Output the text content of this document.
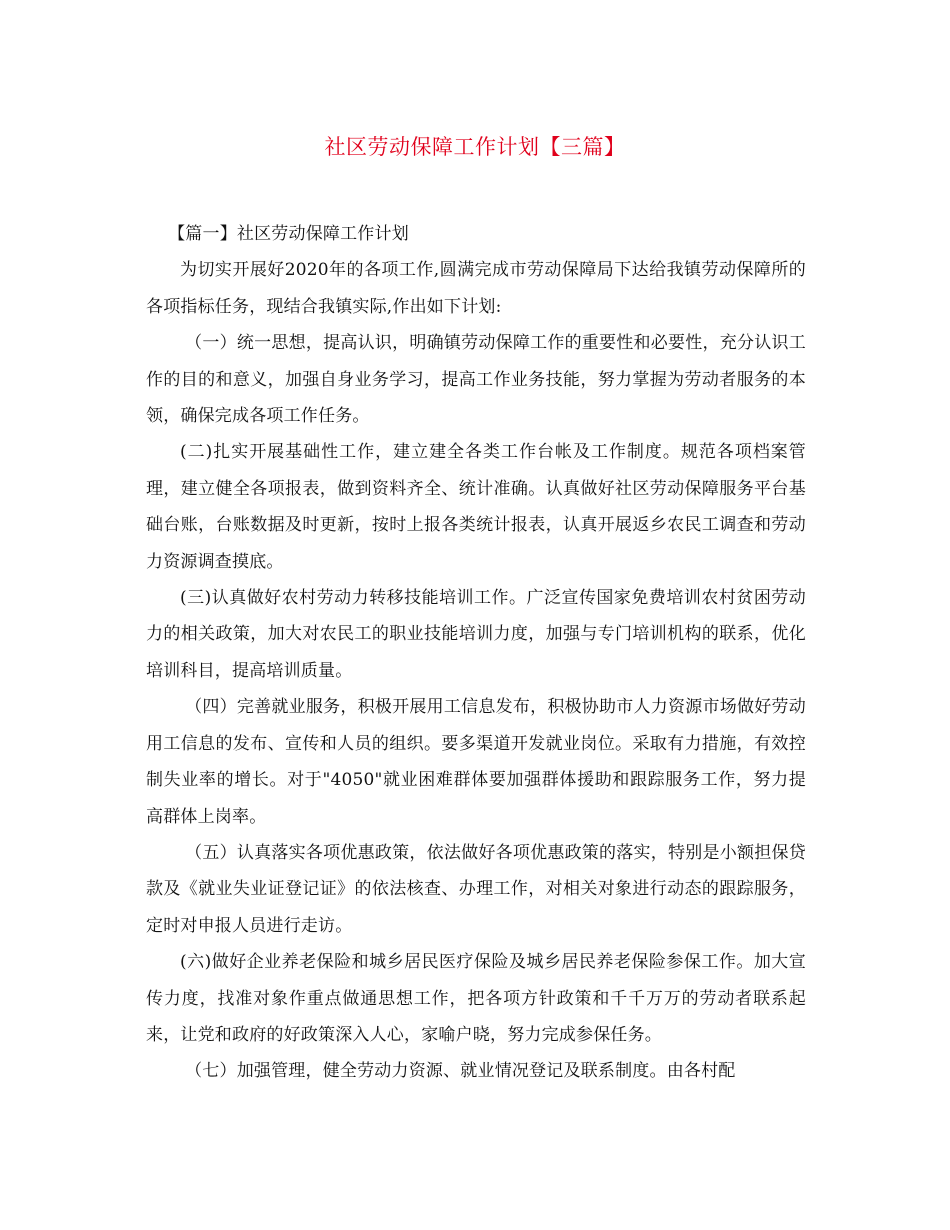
社区劳动保障工作计划【三篇】

【篇一】社区劳动保障工作计划

为切实开展好2020年的各项工作,圆满完成市劳动保障局下达给我镇劳动保障所的各项指标任务，现结合我镇实际,作出如下计划:

（一）统一思想，提高认识，明确镇劳动保障工作的重要性和必要性，充分认识工作的目的和意义，加强自身业务学习，提高工作业务技能，努力掌握为劳动者服务的本领，确保完成各项工作任务。

(二)扎实开展基础性工作，建立建全各类工作台帐及工作制度。规范各项档案管理，建立健全各项报表，做到资料齐全、统计准确。认真做好社区劳动保障服务平台基础台账，台账数据及时更新，按时上报各类统计报表，认真开展返乡农民工调查和劳动力资源调查摸底。

(三)认真做好农村劳动力转移技能培训工作。广泛宣传国家免费培训农村贫困劳动力的相关政策，加大对农民工的职业技能培训力度，加强与专门培训机构的联系，优化培训科目，提高培训质量。

（四）完善就业服务，积极开展用工信息发布，积极协助市人力资源市场做好劳动用工信息的发布、宣传和人员的组织。要多渠道开发就业岗位。采取有力措施，有效控制失业率的增长。对于"4050"就业困难群体要加强群体援助和跟踪服务工作，努力提高群体上岗率。

（五）认真落实各项优惠政策，依法做好各项优惠政策的落实，特别是小额担保贷款及《就业失业证登记证》的依法核查、办理工作，对相关对象进行动态的跟踪服务，定时对申报人员进行走访。

(六)做好企业养老保险和城乡居民医疗保险及城乡居民养老保险参保工作。加大宣传力度，找准对象作重点做通思想工作，把各项方针政策和千千万万的劳动者联系起来，让党和政府的好政策深入人心，家喻户晓，努力完成参保任务。

（七）加强管理，健全劳动力资源、就业情况登记及联系制度。由各村配
